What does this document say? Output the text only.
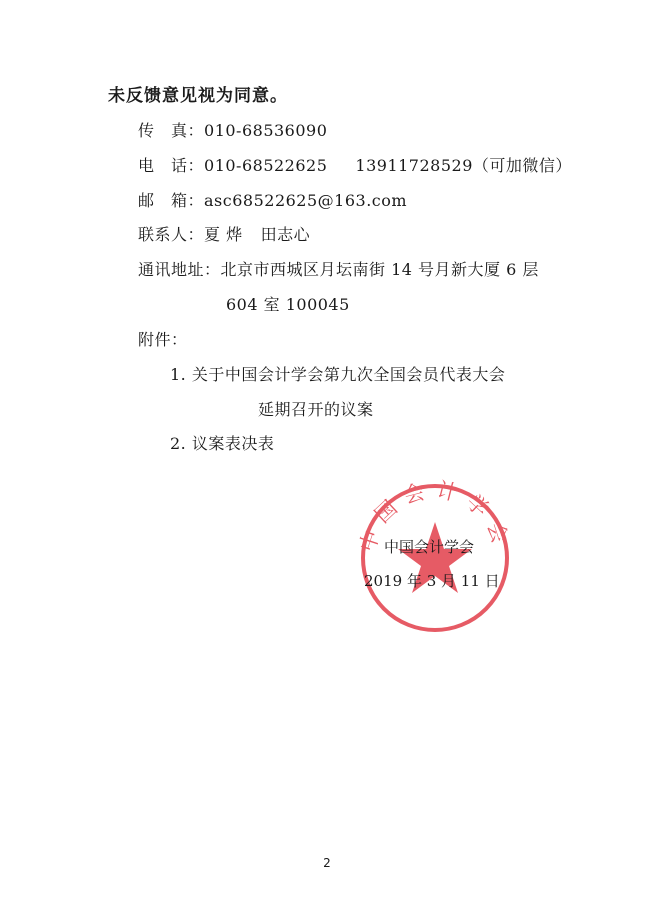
未反馈意见视为同意。
传　真：010-68536090
电　话：010-68522625 13911728529（可加微信）
邮　箱：asc68522625@163.com
联系人：夏 烨 田志心
通讯地址：北京市西城区月坛南街 14 号月新大厦 6 层
604 室 100045
附件：
1. 关于中国会计学会第九次全国会员代表大会
延期召开的议案
2. 议案表决表
中国会计学会
中国会计学会
2019 年 3 月 11 日
2
